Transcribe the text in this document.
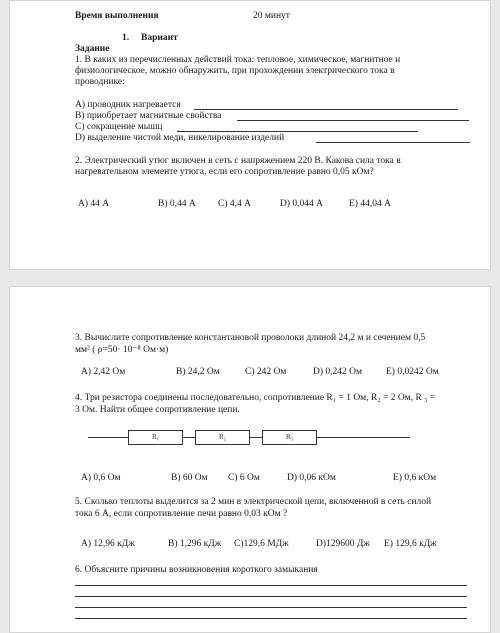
Время выполнения	20 минут
1. Вариант
Задание
1. В каких из перечисленных действий тока: тепловое, химическое, магнитное и
физиологическое, можно обнаружить, при прохождении электрического тока в
проводнике:
А) проводник нагревается
В) приобретает магнитные свойства
С) сокращение мышц
D) выделение чистой меди, никелирование изделий
2. Электрический утюг включен в сеть с напряжением 220 В. Какова сила тока в
нагревательном элементе утюга, если его сопротивление равно 0,05 кОм?
А) 44 А	В) 0,44 А С) 4,4 А	D) 0,044 А	Е) 44,04 А
3. Вычислите сопротивление константановой проволоки длиной 24,2 м и сечением 0,5
мм² ( ρ=50· 10⁻⁸ Ом·м)
А) 2,42 Ом	В) 24,2 Ом	С) 242 Ом	D) 0,242 Ом	Е) 0,0242 Ом
4. Три резистора соединены последовательно, сопротивление R₁ = 1 Ом, R₂ = 2 Ом, R ₃ =
3 Ом. Найти общее сопротивление цепи.
R₁	R₂	R₃
А) 0,6 Ом	В) 60 Ом С) 6 Ом	D) 0,06 кОм	Е) 0,6 кОм
5. Сколько теплоты выделится за 2 мин в электрической цепи, включенной в сеть силой
тока 6 А, если сопротивление печи равно 0,03 кОм ?
А) 12,96 кДж	В) 1,296 кДж С)129,6 МДж	D)129600 Дж Е) 129,6 кДж
6. Объясните причины возникновения короткого замыкания
